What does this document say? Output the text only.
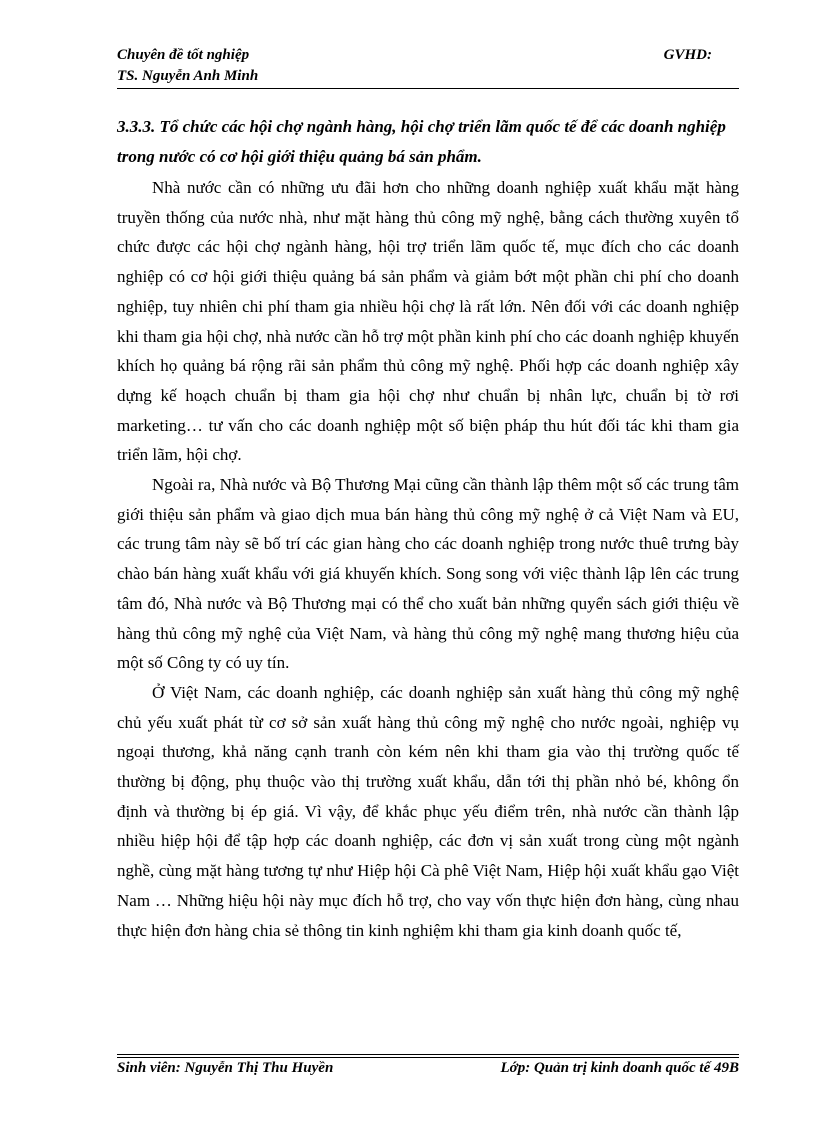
Chuyên đề tốt nghiệp	GVHD:
TS. Nguyễn Anh Minh

3.3.3. Tổ chức các hội chợ ngành hàng, hội chợ triển lãm quốc tế để các doanh nghiệp trong nước có cơ hội giới thiệu quảng bá sản phẩm.

Nhà nước cần có những ưu đãi hơn cho những doanh nghiệp xuất khẩu mặt hàng truyền thống của nước nhà, như mặt hàng thủ công mỹ nghệ, bằng cách thường xuyên tổ chức được các hội chợ ngành hàng, hội trợ triển lãm quốc tế, mục đích cho các doanh nghiệp có cơ hội giới thiệu quảng bá sản phẩm và giảm bớt một phần chi phí cho doanh nghiệp, tuy nhiên chi phí tham gia nhiều hội chợ là rất lớn. Nên đối với các doanh nghiệp khi tham gia hội chợ, nhà nước cần hỗ trợ một phần kinh phí cho các doanh nghiệp khuyến khích họ quảng bá rộng rãi sản phẩm thủ công mỹ nghệ. Phối hợp các doanh nghiệp xây dựng kế hoạch chuẩn bị tham gia hội chợ như chuẩn bị nhân lực, chuẩn bị tờ rơi marketing… tư vấn cho các doanh nghiệp một số biện pháp thu hút đối tác khi tham gia triển lãm, hội chợ.

Ngoài ra, Nhà nước và Bộ Thương Mại cũng cần thành lập thêm một số các trung tâm giới thiệu sản phẩm và giao dịch mua bán hàng thủ công mỹ nghệ ở cả Việt Nam và EU, các trung tâm này sẽ bố trí các gian hàng cho các doanh nghiệp trong nước thuê trưng bày chào bán hàng xuất khẩu với giá khuyến khích. Song song với việc thành lập lên các trung tâm đó, Nhà nước và Bộ Thương mại có thể cho xuất bản những quyển sách giới thiệu về hàng thủ công mỹ nghệ của Việt Nam, và hàng thủ công mỹ nghệ mang thương hiệu của một số Công ty có uy tín.

Ở Việt Nam, các doanh nghiệp, các doanh nghiệp sản xuất hàng thủ công mỹ nghệ chủ yếu xuất phát từ cơ sở sản xuất hàng thủ công mỹ nghệ cho nước ngoài, nghiệp vụ ngoại thương, khả năng cạnh tranh còn kém nên khi tham gia vào thị trường quốc tế thường bị động, phụ thuộc vào thị trường xuất khẩu, dẫn tới thị phần nhỏ bé, không ổn định và thường bị ép giá. Vì vậy, để khắc phục yếu điểm trên, nhà nước cần thành lập nhiều hiệp hội để tập hợp các doanh nghiệp, các đơn vị sản xuất trong cùng một ngành nghề, cùng mặt hàng tương tự như Hiệp hội Cà phê Việt Nam, Hiệp hội xuất khẩu gạo Việt Nam … Những hiệu hội này mục đích hỗ trợ, cho vay vốn thực hiện đơn hàng, cùng nhau thực hiện đơn hàng chia sẻ thông tin kinh nghiệm khi tham gia kinh doanh quốc tế,

Sinh viên: Nguyễn Thị Thu Huyền	Lớp: Quản trị kinh doanh quốc tế 49B
